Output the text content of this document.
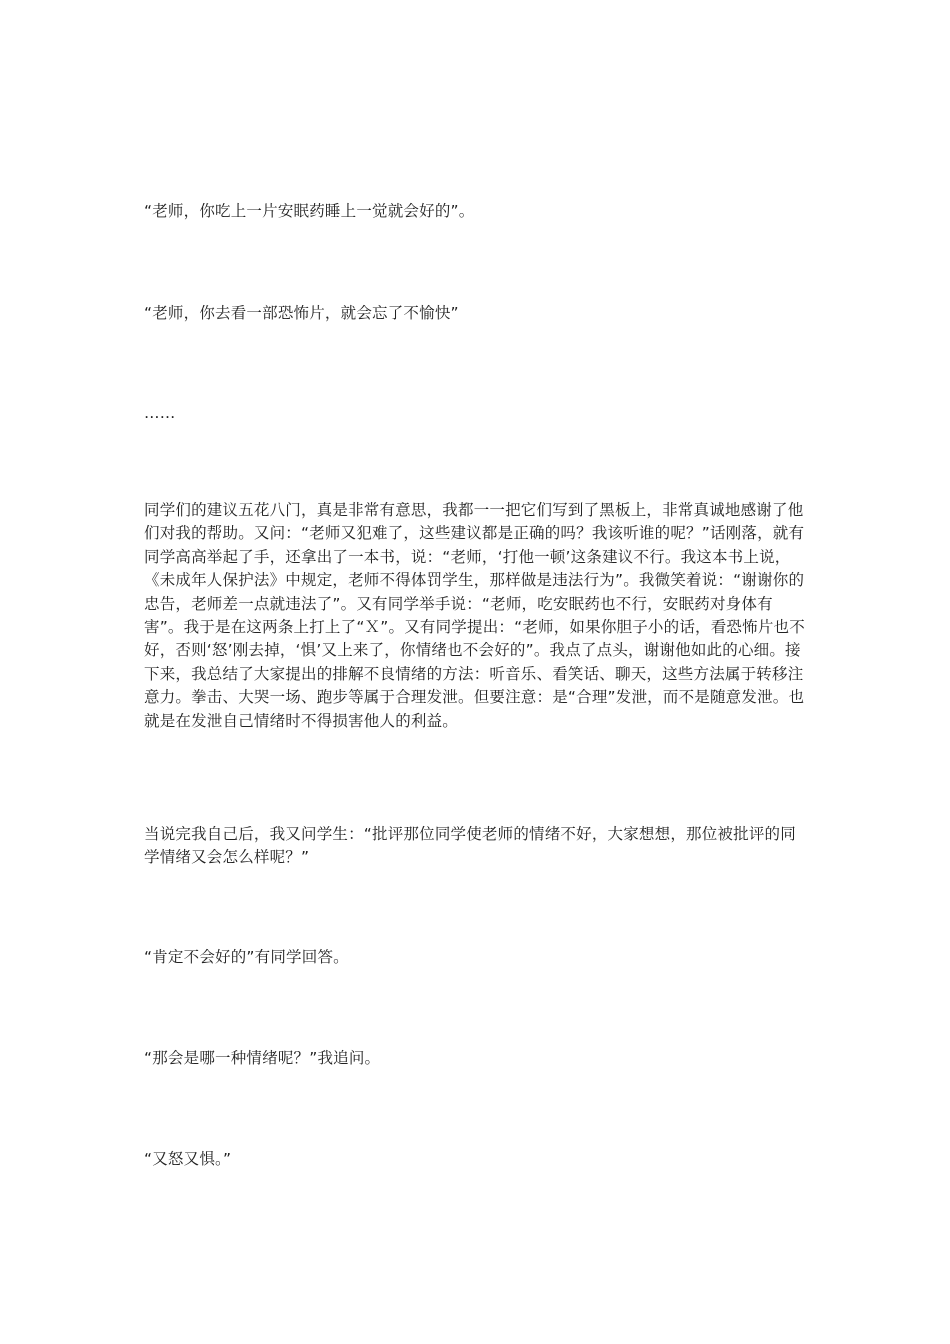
“老师，你吃上一片安眠药睡上一觉就会好的”。

“老师，你去看一部恐怖片，就会忘了不愉快”

……

同学们的建议五花八门，真是非常有意思，我都一一把它们写到了黑板上，非常真诚地感谢了他们对我的帮助。又问：“老师又犯难了，这些建议都是正确的吗？我该听谁的呢？”话刚落，就有同学高高举起了手，还拿出了一本书，说：“老师，‘打他一顿’这条建议不行。我这本书上说，《未成年人保护法》中规定，老师不得体罚学生，那样做是违法行为”。我微笑着说：“谢谢你的忠告，老师差一点就违法了”。又有同学举手说：“老师，吃安眠药也不行，安眠药对身体有害”。我于是在这两条上打上了“Ｘ”。又有同学提出：“老师，如果你胆子小的话，看恐怖片也不好，否则‘怒’刚去掉，‘惧’又上来了，你情绪也不会好的”。我点了点头，谢谢他如此的心细。接下来，我总结了大家提出的排解不良情绪的方法：听音乐、看笑话、聊天，这些方法属于转移注意力。拳击、大哭一场、跑步等属于合理发泄。但要注意：是“合理”发泄，而不是随意发泄。也就是在发泄自己情绪时不得损害他人的利益。

当说完我自己后，我又问学生：“批评那位同学使老师的情绪不好，大家想想，那位被批评的同学情绪又会怎么样呢？”

“肯定不会好的”有同学回答。

“那会是哪一种情绪呢？”我追问。

“又怒又惧。”
